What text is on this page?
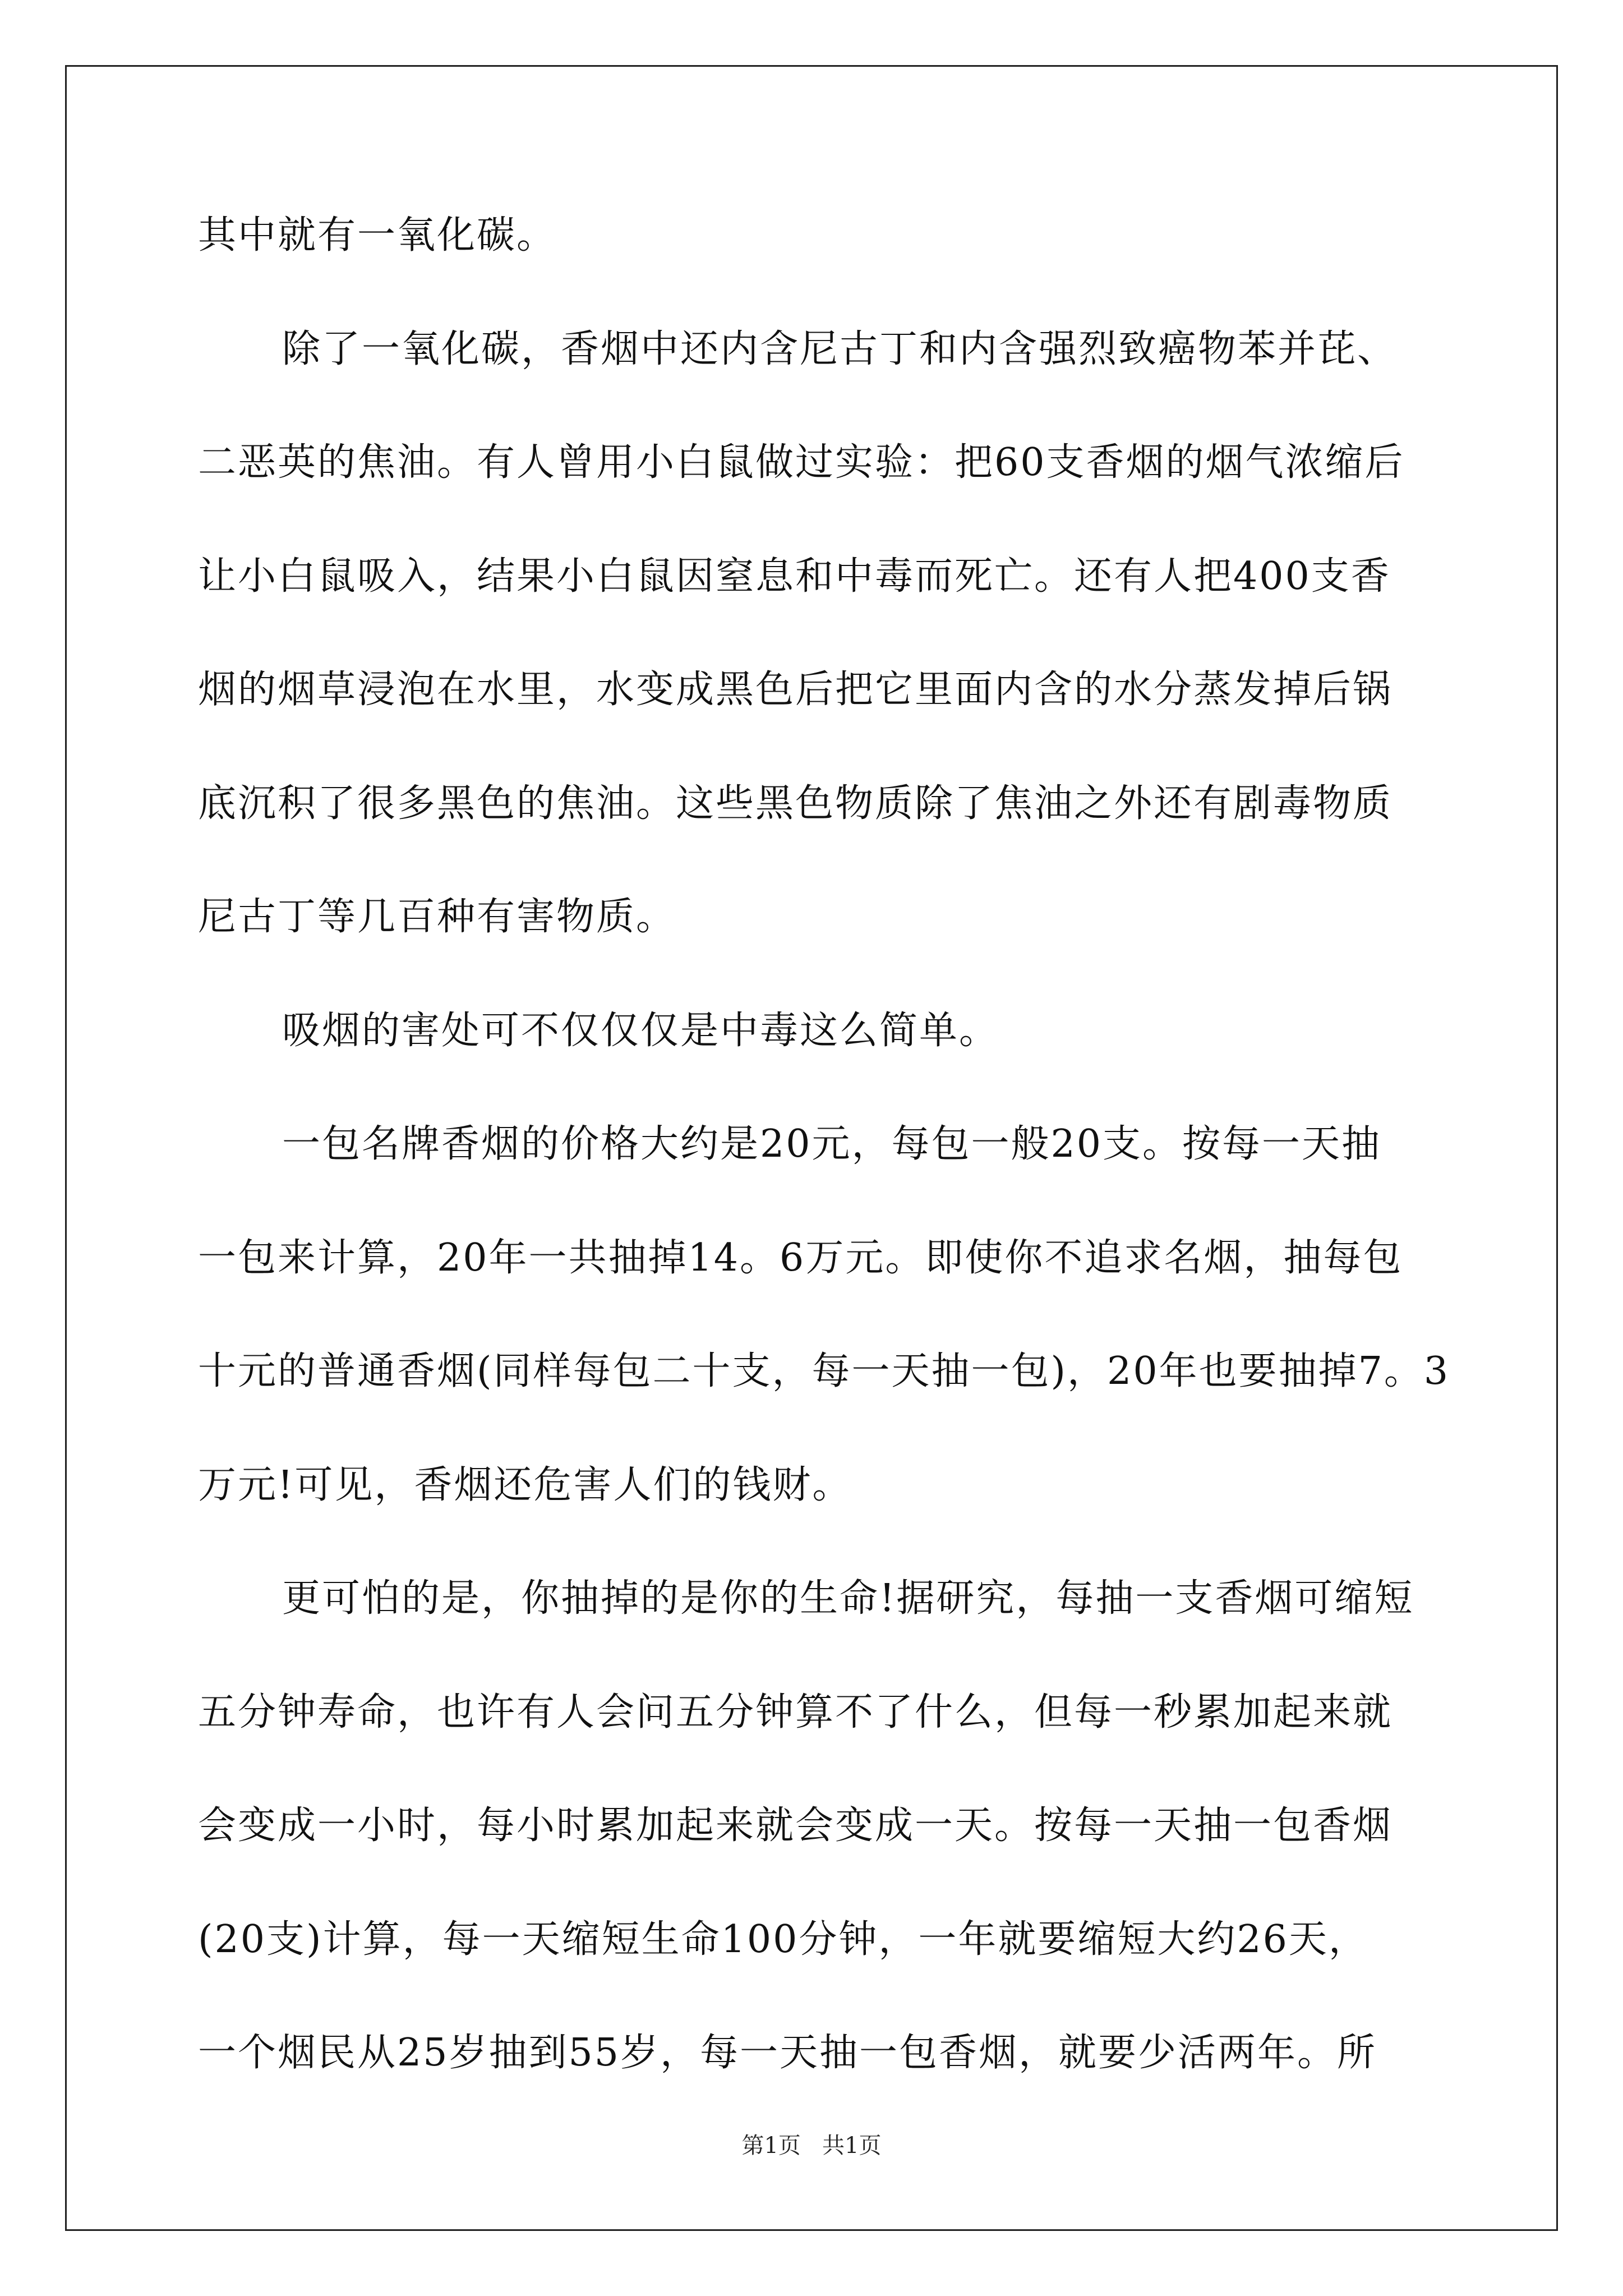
其中就有一氧化碳。
除了一氧化碳，香烟中还内含尼古丁和内含强烈致癌物苯并芘、
二恶英的焦油。有人曾用小白鼠做过实验：把60支香烟的烟气浓缩后
让小白鼠吸入，结果小白鼠因窒息和中毒而死亡。还有人把400支香
烟的烟草浸泡在水里，水变成黑色后把它里面内含的水分蒸发掉后锅
底沉积了很多黑色的焦油。这些黑色物质除了焦油之外还有剧毒物质
尼古丁等几百种有害物质。
吸烟的害处可不仅仅仅是中毒这么简单。
一包名牌香烟的价格大约是20元，每包一般20支。按每一天抽
一包来计算，20年一共抽掉14。6万元。即使你不追求名烟，抽每包
十元的普通香烟(同样每包二十支，每一天抽一包)，20年也要抽掉7。3
万元!可见，香烟还危害人们的钱财。
更可怕的是，你抽掉的是你的生命!据研究，每抽一支香烟可缩短
五分钟寿命，也许有人会问五分钟算不了什么，但每一秒累加起来就
会变成一小时，每小时累加起来就会变成一天。按每一天抽一包香烟
(20支)计算，每一天缩短生命100分钟，一年就要缩短大约26天，
一个烟民从25岁抽到55岁，每一天抽一包香烟，就要少活两年。所
第1页   共1页
